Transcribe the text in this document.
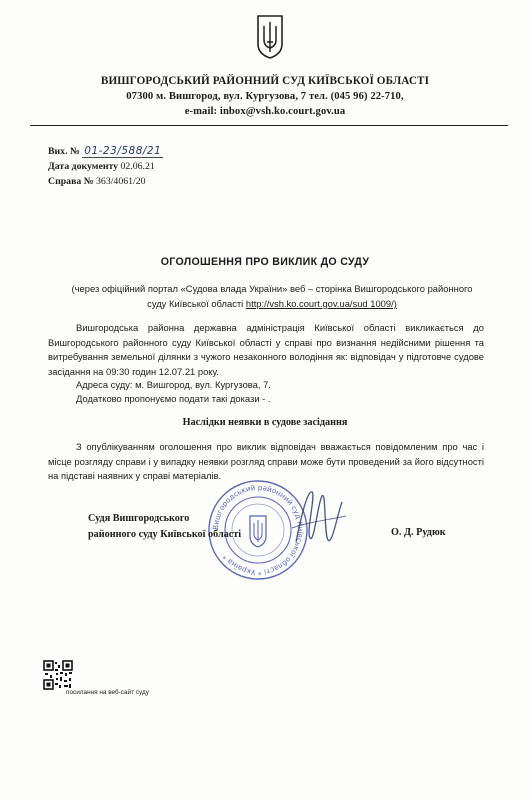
ВИШГОРОДСЬКИЙ РАЙОННИЙ СУД КИЇВСЬКОЇ ОБЛАСТІ
07300 м. Вишгород, вул. Кургузова, 7 тел. (045 96) 22-710,
e-mail: inbox@vsh.ko.court.gov.ua
Вих. № 01-23/588/21
Дата документу 02.06.21
Справа № 363/4061/20
ОГОЛОШЕННЯ ПРО ВИКЛИК ДО СУДУ
(через офіційний портал «Судова влада України» веб – сторінка Вишгородського районного суду Київської області http://vsh.ko.court.gov.ua/sud 1009/)
Вишгородська районна державна адміністрація Київської області викликається до Вишгородського районного суду Київської області у справі про визнання недійсними рішення та витребування земельної ділянки з чужого незаконного володіння як: відповідач у підготовче судове засідання на 09:30 годин 12.07.21 року.
Адреса суду: м. Вишгород, вул. Кургузова, 7.
Додатково пропонуємо подати такі докази - .
Наслідки неявки в судове засідання
З опублікуванням оголошення про виклик відповідач вважається повідомленим про час і місце розгляду справи і у випадку неявки розгляд справи може бути проведений за його відсутності на підставі наявних у справі матеріалів.
Вишгородський районний суд Київської області * Україна *
Судя Вишгородського
районного суду Київської області	О. Д. Рудюк
посилання на веб-сайт суду
